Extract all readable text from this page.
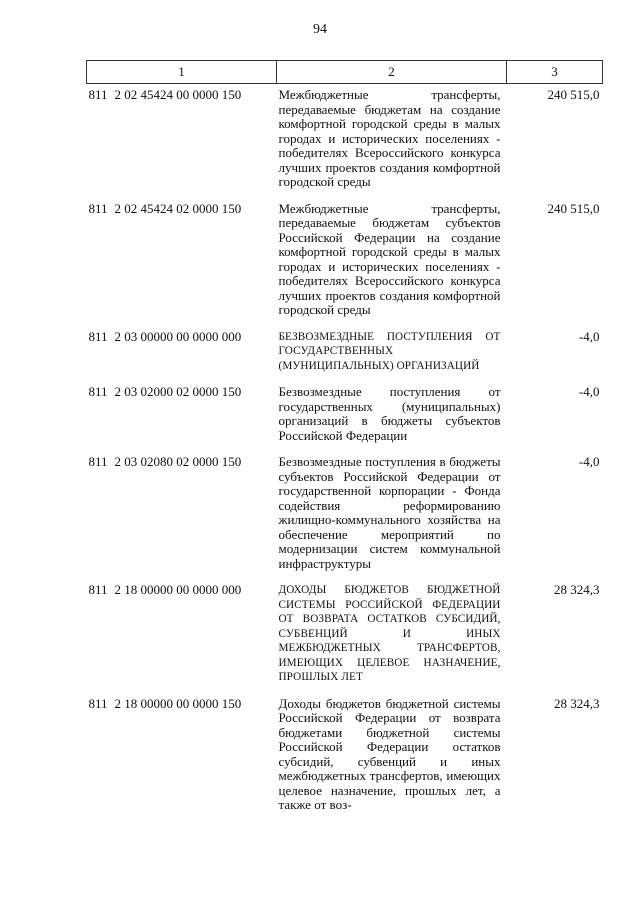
94
1	2	3
811 2 02 45424 00 0000 150	Межбюджетные трансферты, передаваемые бюджетам на создание комфортной городской среды в малых городах и исторических поселениях - победителях Всероссийского конкурса лучших проектов создания комфортной городской среды	240 515,0
811 2 02 45424 02 0000 150	Межбюджетные трансферты, передаваемые бюджетам субъектов Российской Федерации на создание комфортной городской среды в малых городах и исторических поселениях - победителях Всероссийского конкурса лучших проектов создания комфортной городской среды	240 515,0
811 2 03 00000 00 0000 000	БЕЗВОЗМЕЗДНЫЕ ПОСТУПЛЕНИЯ ОТ ГОСУДАРСТВЕННЫХ (МУНИЦИПАЛЬНЫХ) ОРГАНИЗАЦИЙ	-4,0
811 2 03 02000 02 0000 150	Безвозмездные поступления от государственных (муниципальных) организаций в бюджеты субъектов Российской Федерации	-4,0
811 2 03 02080 02 0000 150	Безвозмездные поступления в бюджеты субъектов Российской Федерации от государственной корпорации - Фонда содействия реформированию жилищно-коммунального хозяйства на обеспечение мероприятий по модернизации систем коммунальной инфраструктуры	-4,0
811 2 18 00000 00 0000 000	ДОХОДЫ БЮДЖЕТОВ БЮДЖЕТНОЙ СИСТЕМЫ РОССИЙСКОЙ ФЕДЕРАЦИИ ОТ ВОЗВРАТА ОСТАТКОВ СУБСИДИЙ, СУБВЕНЦИЙ И ИНЫХ МЕЖБЮДЖЕТНЫХ ТРАНСФЕРТОВ, ИМЕЮЩИХ ЦЕЛЕВОЕ НАЗНАЧЕНИЕ, ПРОШЛЫХ ЛЕТ	28 324,3
811 2 18 00000 00 0000 150	Доходы бюджетов бюджетной системы Российской Федерации от возврата бюджетами бюджетной системы Российской Федерации остатков субсидий, субвенций и иных межбюджетных трансфертов, имеющих целевое назначение, прошлых лет, а также от воз-	28 324,3
